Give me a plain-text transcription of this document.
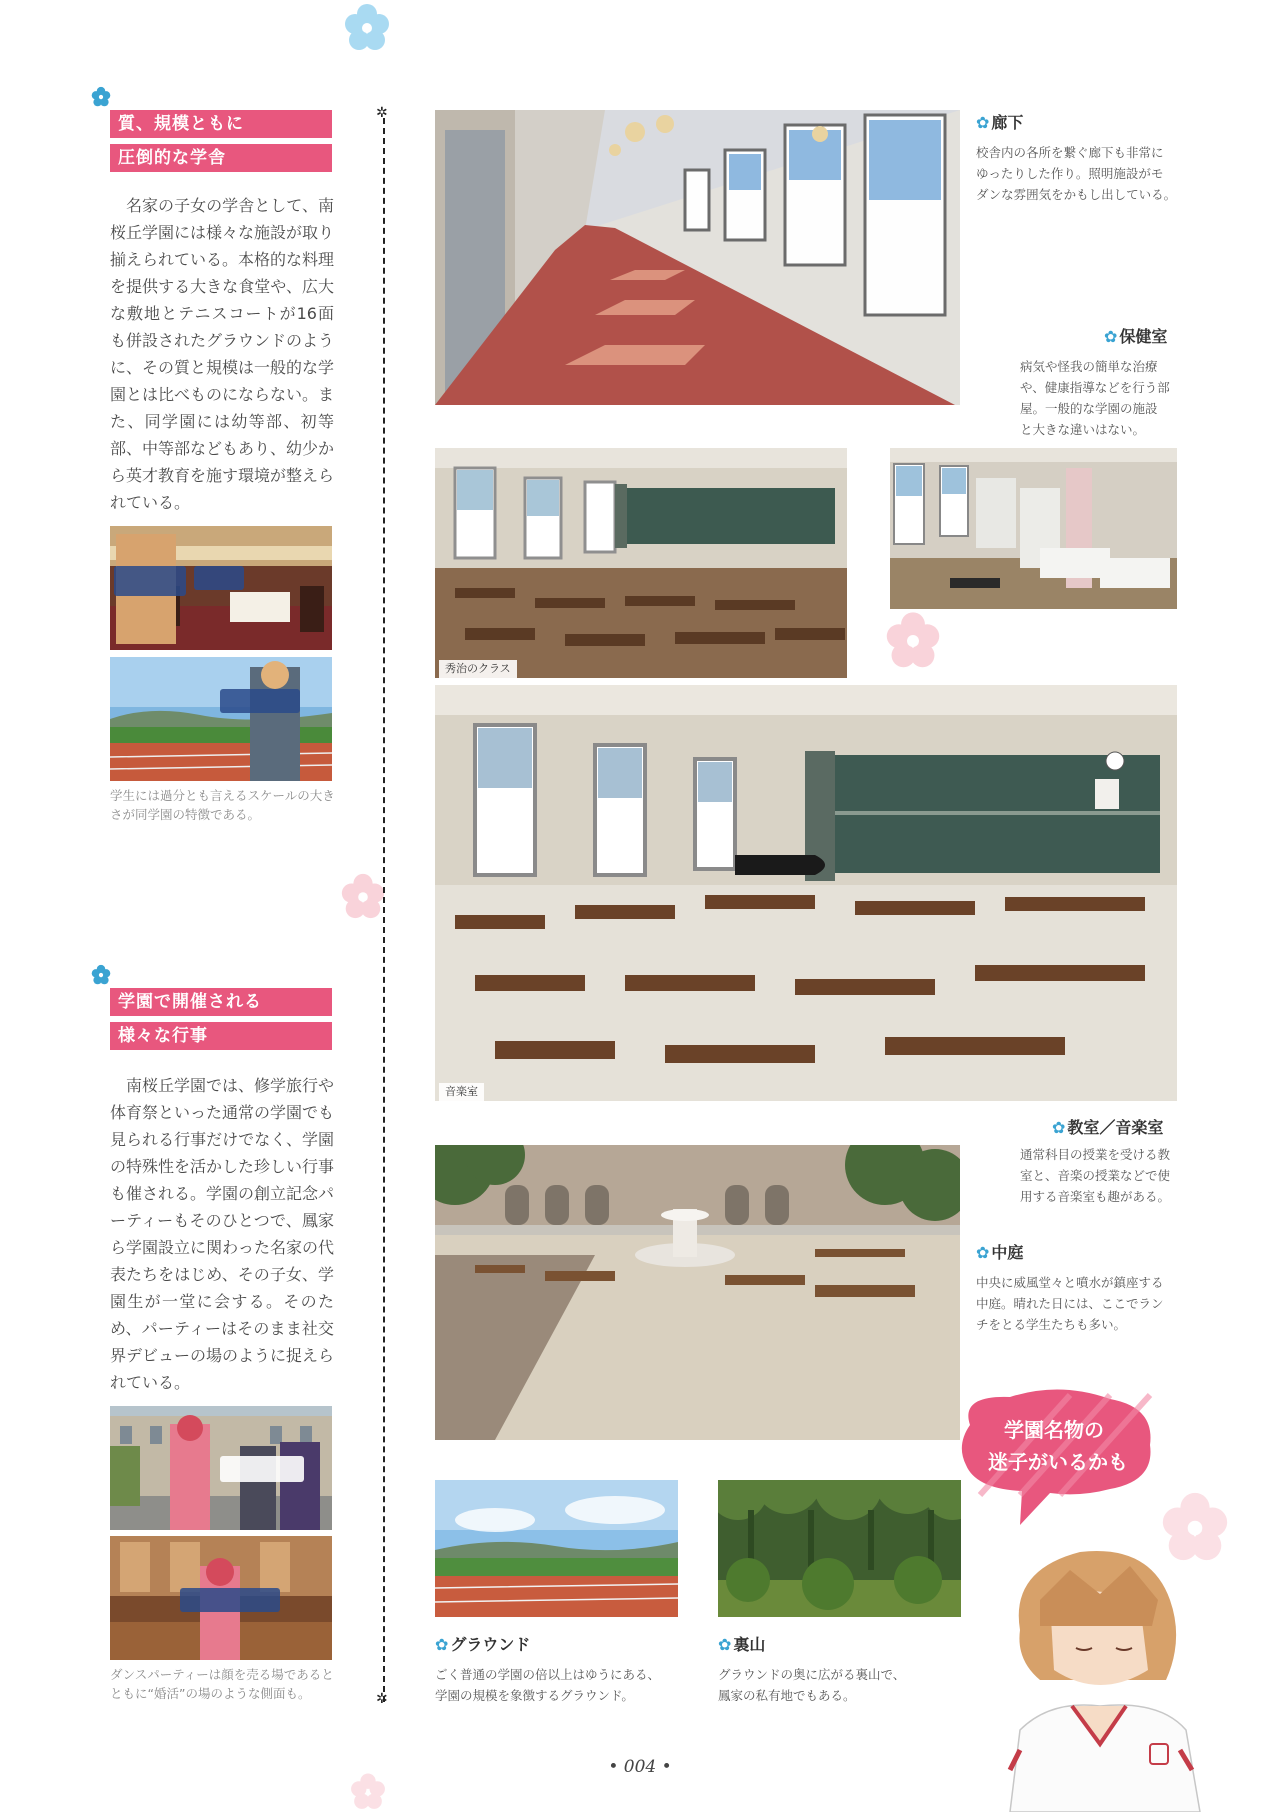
質、規模ともに
圧倒的な学舎
名家の子女の学舎として、南桜丘学園には様々な施設が取り揃えられている。本格的な料理を提供する大きな食堂や、広大な敷地とテニスコートが16面も併設されたグラウンドのように、その質と規模は一般的な学園とは比べものにならない。また、同学園には幼等部、初等部、中等部などもあり、幼少から英才教育を施す環境が整えられている。
学生には過分とも言えるスケールの大きさが同学園の特徴である。
学園で開催される
様々な行事
南桜丘学園では、修学旅行や体育祭といった通常の学園でも見られる行事だけでなく、学園の特殊性を活かした珍しい行事も催される。学園の創立記念パーティーもそのひとつで、鳳家ら学園設立に関わった名家の代表たちをはじめ、その子女、学園生が一堂に会する。そのため、パーティーはそのまま社交界デビューの場のように捉えられている。
ダンスパーティーは顔を売る場であるとともに“婚活”の場のような側面も。
✲
✲
秀治のクラス
音楽室
✿ 廊下
校舎内の各所を繋ぐ廊下も非常に
ゆったりした作り。照明施設がモ
ダンな雰囲気をかもし出している。
✿ 保健室
病気や怪我の簡単な治療
や、健康指導などを行う部
屋。一般的な学園の施設
と大きな違いはない。
✿ 教室／音楽室
通常科目の授業を受ける教
室と、音楽の授業などで使
用する音楽室も趣がある。
✿ 中庭
中央に威風堂々と噴水が鎮座する
中庭。晴れた日には、ここでラン
チをとる学生たちも多い。
✿ グラウンド
ごく普通の学園の倍以上はゆうにある、
学園の規模を象徴するグラウンド。
✿ 裏山
グラウンドの奥に広がる裏山で、
鳳家の私有地でもある。
学園名物の
迷子がいるかも
• 004 •
